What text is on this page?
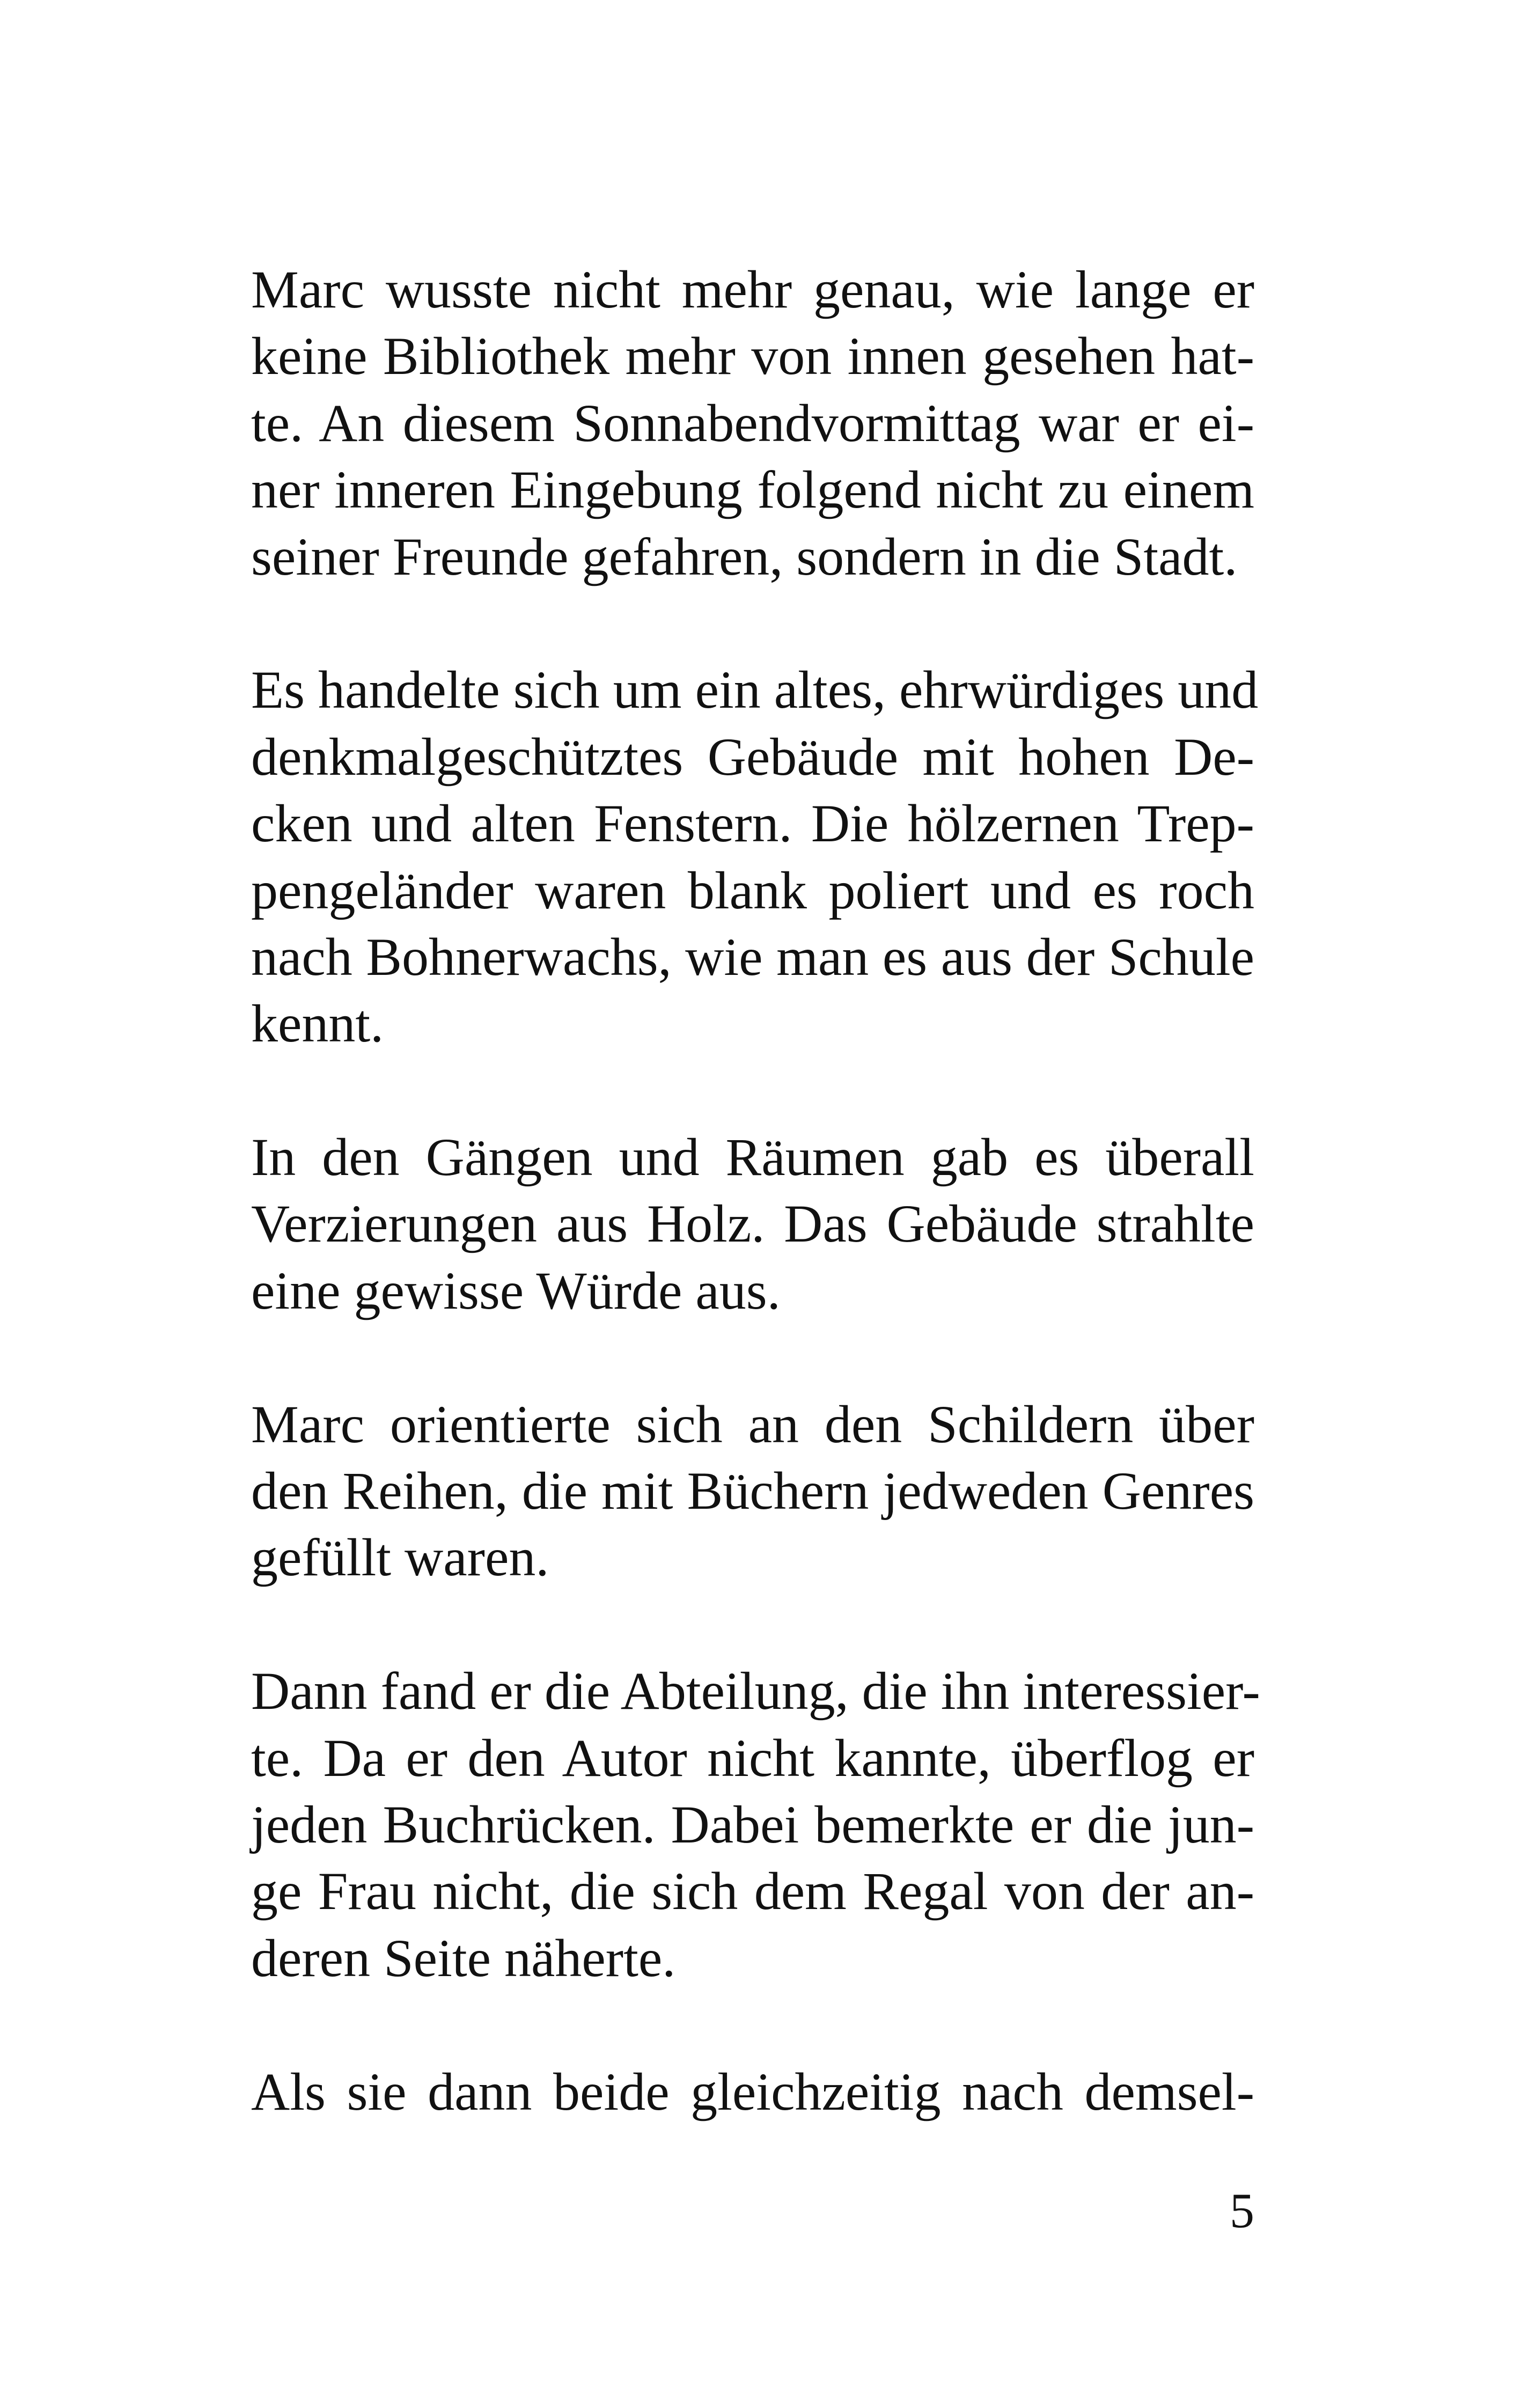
Marc wusste nicht mehr genau, wie lange er
keine Bibliothek mehr von innen gesehen hat-
te. An diesem Sonnabendvormittag war er ei-
ner inneren Eingebung folgend nicht zu einem
seiner Freunde gefahren, sondern in die Stadt.

Es handelte sich um ein altes, ehrwürdiges und
denkmalgeschütztes Gebäude mit hohen De-
cken und alten Fenstern. Die hölzernen Trep-
pengeländer waren blank poliert und es roch
nach Bohnerwachs, wie man es aus der Schule
kennt.

In den Gängen und Räumen gab es überall
Verzierungen aus Holz. Das Gebäude strahlte
eine gewisse Würde aus.

Marc orientierte sich an den Schildern über
den Reihen, die mit Büchern jedweden Genres
gefüllt waren.

Dann fand er die Abteilung, die ihn interessier-
te. Da er den Autor nicht kannte, überflog er
jeden Buchrücken. Dabei bemerkte er die jun-
ge Frau nicht, die sich dem Regal von der an-
deren Seite näherte.

Als sie dann beide gleichzeitig nach demsel-

5
